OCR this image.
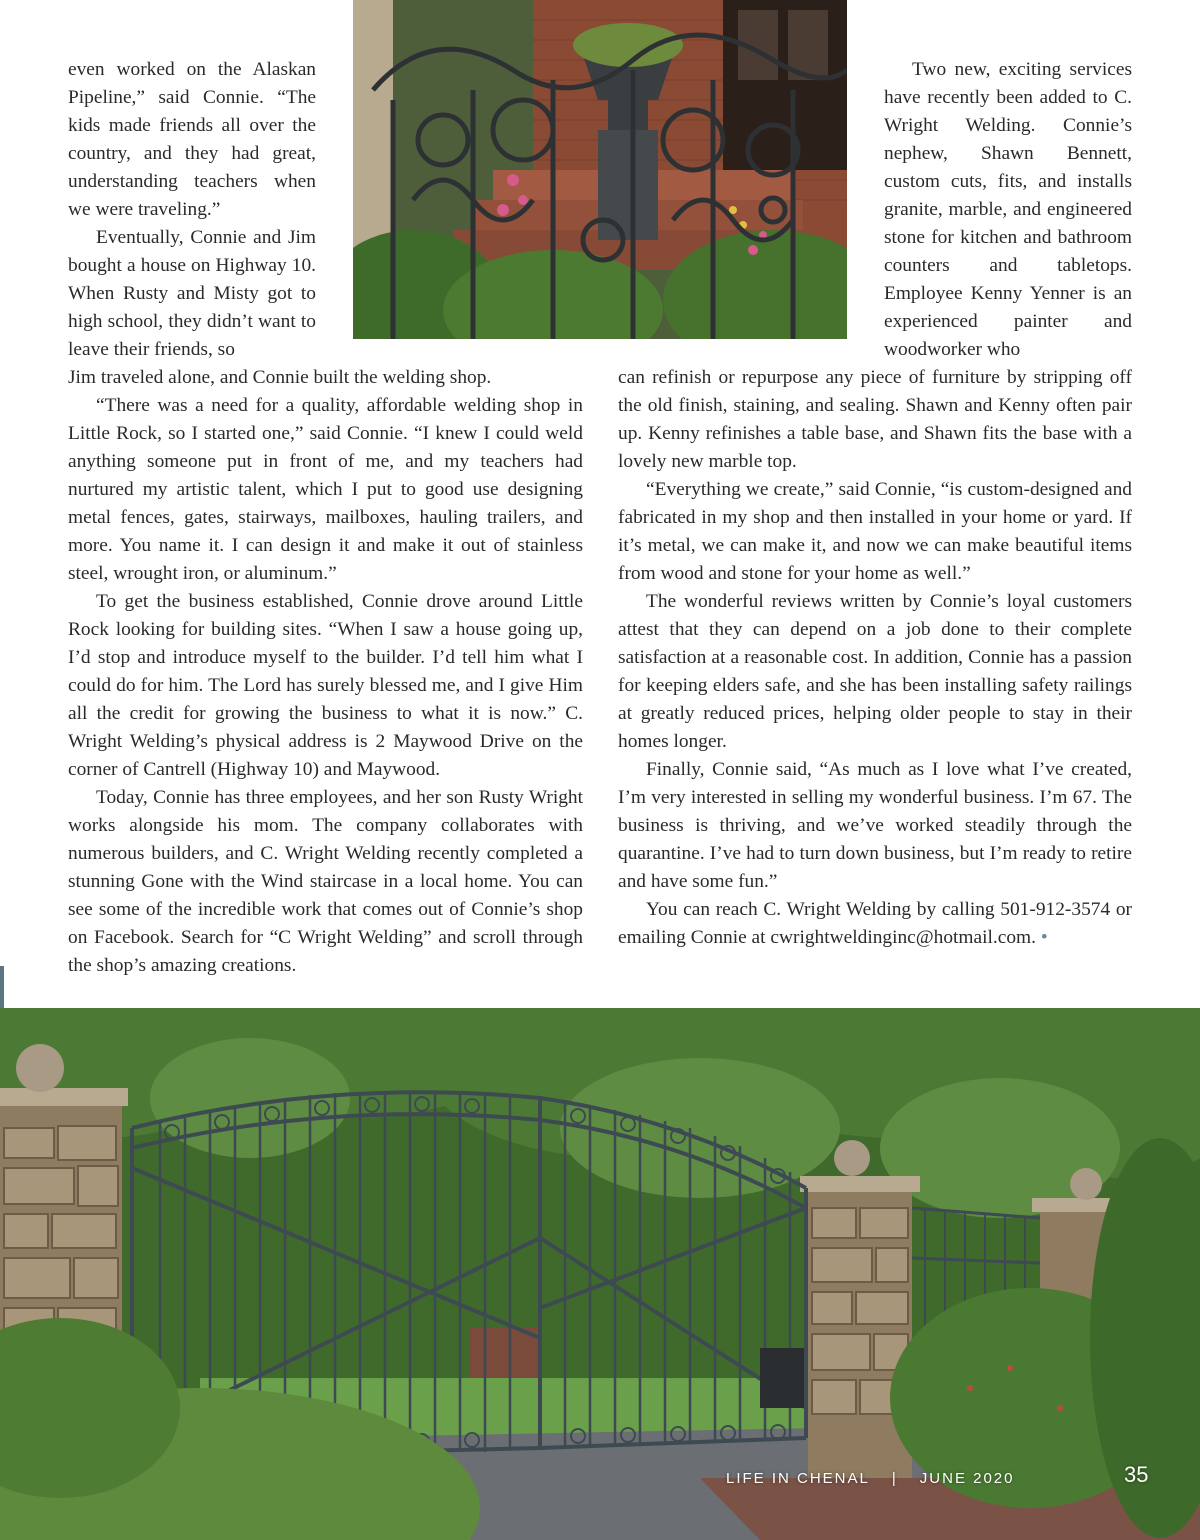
even worked on the Alaskan Pipeline,” said Connie. “The kids made friends all over the country, and they had great, understanding teachers when we were traveling.”

Eventually, Connie and Jim bought a house on Highway 10. When Rusty and Misty got to high school, they didn’t want to leave their friends, so

Two new, exciting services have recently been added to C. Wright Welding. Connie’s nephew, Shawn Bennett, custom cuts, fits, and installs granite, marble, and engineered stone for kitchen and bathroom counters and tabletops. Employee Kenny Yenner is an experienced painter and woodworker who

Jim traveled alone, and Connie built the welding shop.

“There was a need for a quality, affordable welding shop in Little Rock, so I started one,” said Connie. “I knew I could weld anything someone put in front of me, and my teachers had nurtured my artistic talent, which I put to good use designing metal fences, gates, stairways, mailboxes, hauling trailers, and more. You name it. I can design it and make it out of stainless steel, wrought iron, or aluminum.”

To get the business established, Connie drove around Little Rock looking for building sites. “When I saw a house going up, I’d stop and introduce myself to the builder. I’d tell him what I could do for him. The Lord has surely blessed me, and I give Him all the credit for growing the business to what it is now.” C. Wright Welding’s physical address is 2 Maywood Drive on the corner of Cantrell (Highway 10) and Maywood.

Today, Connie has three employees, and her son Rusty Wright works alongside his mom. The company collaborates with numerous builders, and C. Wright Welding recently completed a stunning Gone with the Wind staircase in a local home. You can see some of the incredible work that comes out of Connie’s shop on Facebook. Search for “C Wright Welding” and scroll through the shop’s amazing creations.

can refinish or repurpose any piece of furniture by stripping off the old finish, staining, and sealing. Shawn and Kenny often pair up. Kenny refinishes a table base, and Shawn fits the base with a lovely new marble top.

“Everything we create,” said Connie, “is custom-designed and fabricated in my shop and then installed in your home or yard. If it’s metal, we can make it, and now we can make beautiful items from wood and stone for your home as well.”

The wonderful reviews written by Connie’s loyal customers attest that they can depend on a job done to their complete satisfaction at a reasonable cost. In addition, Connie has a passion for keeping elders safe, and she has been installing safety railings at greatly reduced prices, helping older people to stay in their homes longer.

Finally, Connie said, “As much as I love what I’ve created, I’m very interested in selling my wonderful business. I’m 67. The business is thriving, and we’ve worked steadily through the quarantine. I’ve had to turn down business, but I’m ready to retire and have some fun.”

You can reach C. Wright Welding by calling 501-912-3574 or emailing Connie at cwrightweldinginc@hotmail.com. •

LIFE IN CHENAL | JUNE 2020	35
